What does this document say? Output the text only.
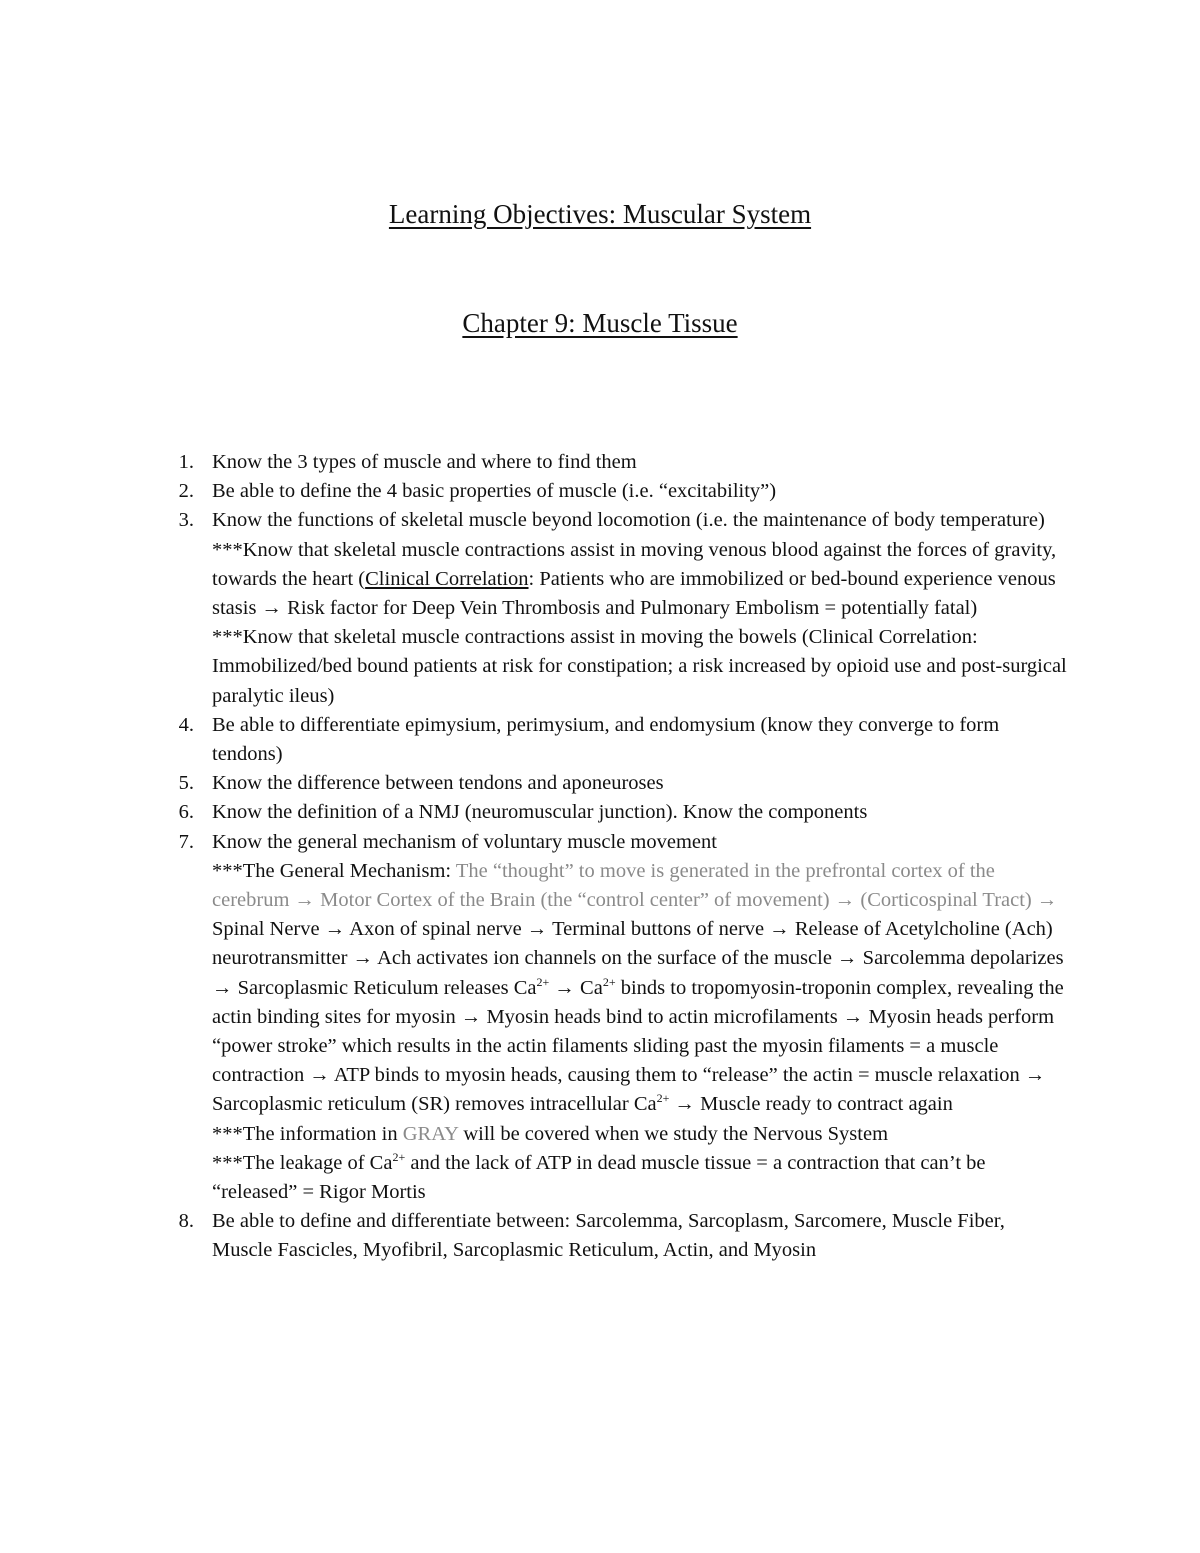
Learning Objectives: Muscular System
Chapter 9: Muscle Tissue
1. Know the 3 types of muscle and where to find them
2. Be able to define the 4 basic properties of muscle (i.e. “excitability”)
3. Know the functions of skeletal muscle beyond locomotion (i.e. the maintenance of body temperature)
***Know that skeletal muscle contractions assist in moving venous blood against the forces of gravity, towards the heart (Clinical Correlation: Patients who are immobilized or bed-bound experience venous stasis → Risk factor for Deep Vein Thrombosis and Pulmonary Embolism = potentially fatal)
***Know that skeletal muscle contractions assist in moving the bowels (Clinical Correlation: Immobilized/bed bound patients at risk for constipation; a risk increased by opioid use and post-surgical paralytic ileus)
4. Be able to differentiate epimysium, perimysium, and endomysium (know they converge to form tendons)
5. Know the difference between tendons and aponeuroses
6. Know the definition of a NMJ (neuromuscular junction). Know the components
7. Know the general mechanism of voluntary muscle movement
***The General Mechanism: The “thought” to move is generated in the prefrontal cortex of the cerebrum → Motor Cortex of the Brain (the “control center” of movement) → (Corticospinal Tract) → Spinal Nerve → Axon of spinal nerve → Terminal buttons of nerve → Release of Acetylcholine (Ach) neurotransmitter → Ach activates ion channels on the surface of the muscle → Sarcolemma depolarizes → Sarcoplasmic Reticulum releases $Ca^{2+} \to Ca^{2+}$ binds to tropomyosin-troponin complex, revealing the actin binding sites for myosin → Myosin heads bind to actin microfilaments → Myosin heads perform “power stroke” which results in the actin filaments sliding past the myosin filaments = a muscle contraction → ATP binds to myosin heads, causing them to “release” the actin = muscle relaxation → Sarcoplasmic reticulum (SR) removes intracellular $Ca^{2+}$ → Muscle ready to contract again
***The information in GRAY will be covered when we study the Nervous System
***The leakage of $Ca^{2+}$ and the lack of ATP in dead muscle tissue = a contraction that can’t be “released” = Rigor Mortis
8. Be able to define and differentiate between: Sarcolemma, Sarcoplasm, Sarcomere, Muscle Fiber, Muscle Fascicles, Myofibril, Sarcoplasmic Reticulum, Actin, and Myosin
